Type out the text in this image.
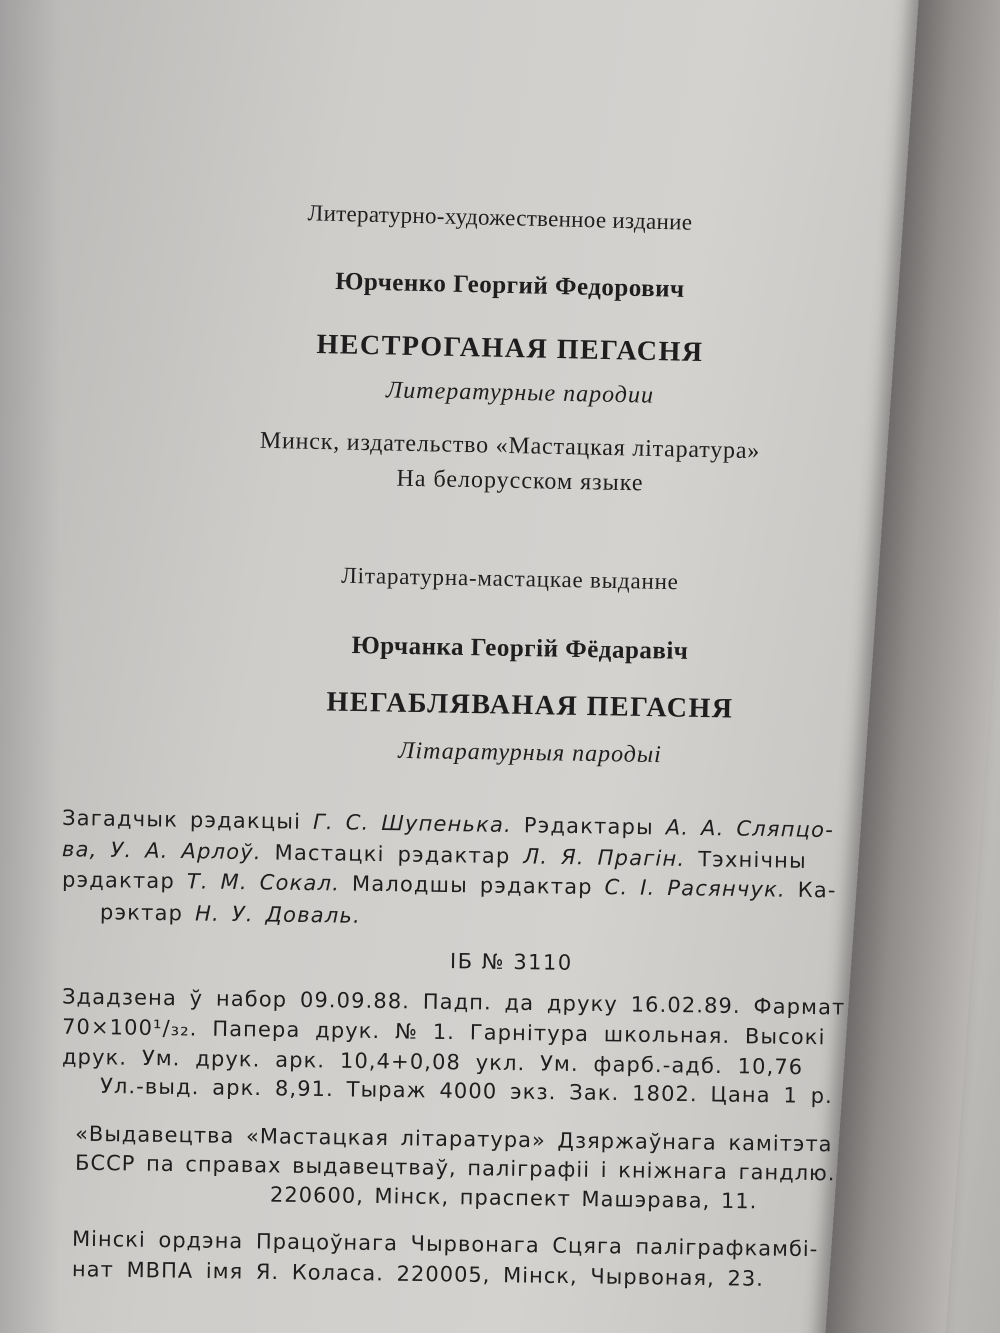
Литературно-художественное издание
Юрченко Георгий Федорович
НЕСТРОГАНАЯ ПЕГАСНЯ
Литературные пародии
Минск, издательство «Мастацкая літаратура»
На белорусском языке
Літаратурна-мастацкае выданне
Юрчанка Георгій Фёдаравіч
НЕГАБЛЯВАНАЯ ПЕГАСНЯ
Літаратурныя пародыі
Загадчык рэдакцыі Г. С. Шупенька. Рэдактары А. А. Сляпцо-
ва, У. А. Арлоў. Мастацкі рэдактар Л. Я. Прагін. Тэхнічны
рэдактар Т. М. Сокал. Малодшы рэдактар С. І. Расянчук. Ка-
рэктар Н. У. Доваль.
ІБ № 3110
Здадзена ў набор 09.09.88. Падп. да друку 16.02.89. Фармат
70×100¹/₃₂. Папера друк. № 1. Гарнітура школьная. Высокі
друк. Ум. друк. арк. 10,4+0,08 укл. Ум. фарб.-адб. 10,76
Ул.-выд. арк. 8,91. Тыраж 4000 экз. Зак. 1802. Цана 1 р.
«Выдавецтва «Мастацкая літаратура» Дзяржаўнага камітэта
БССР па справах выдавецтваў, паліграфіі і кніжнага гандлю.
220600, Мінск, праспект Машэрава, 11.
Мінскі ордэна Працоўнага Чырвонага Сцяга паліграфкамбі-
нат МВПА імя Я. Коласа. 220005, Мінск, Чырвоная, 23.
